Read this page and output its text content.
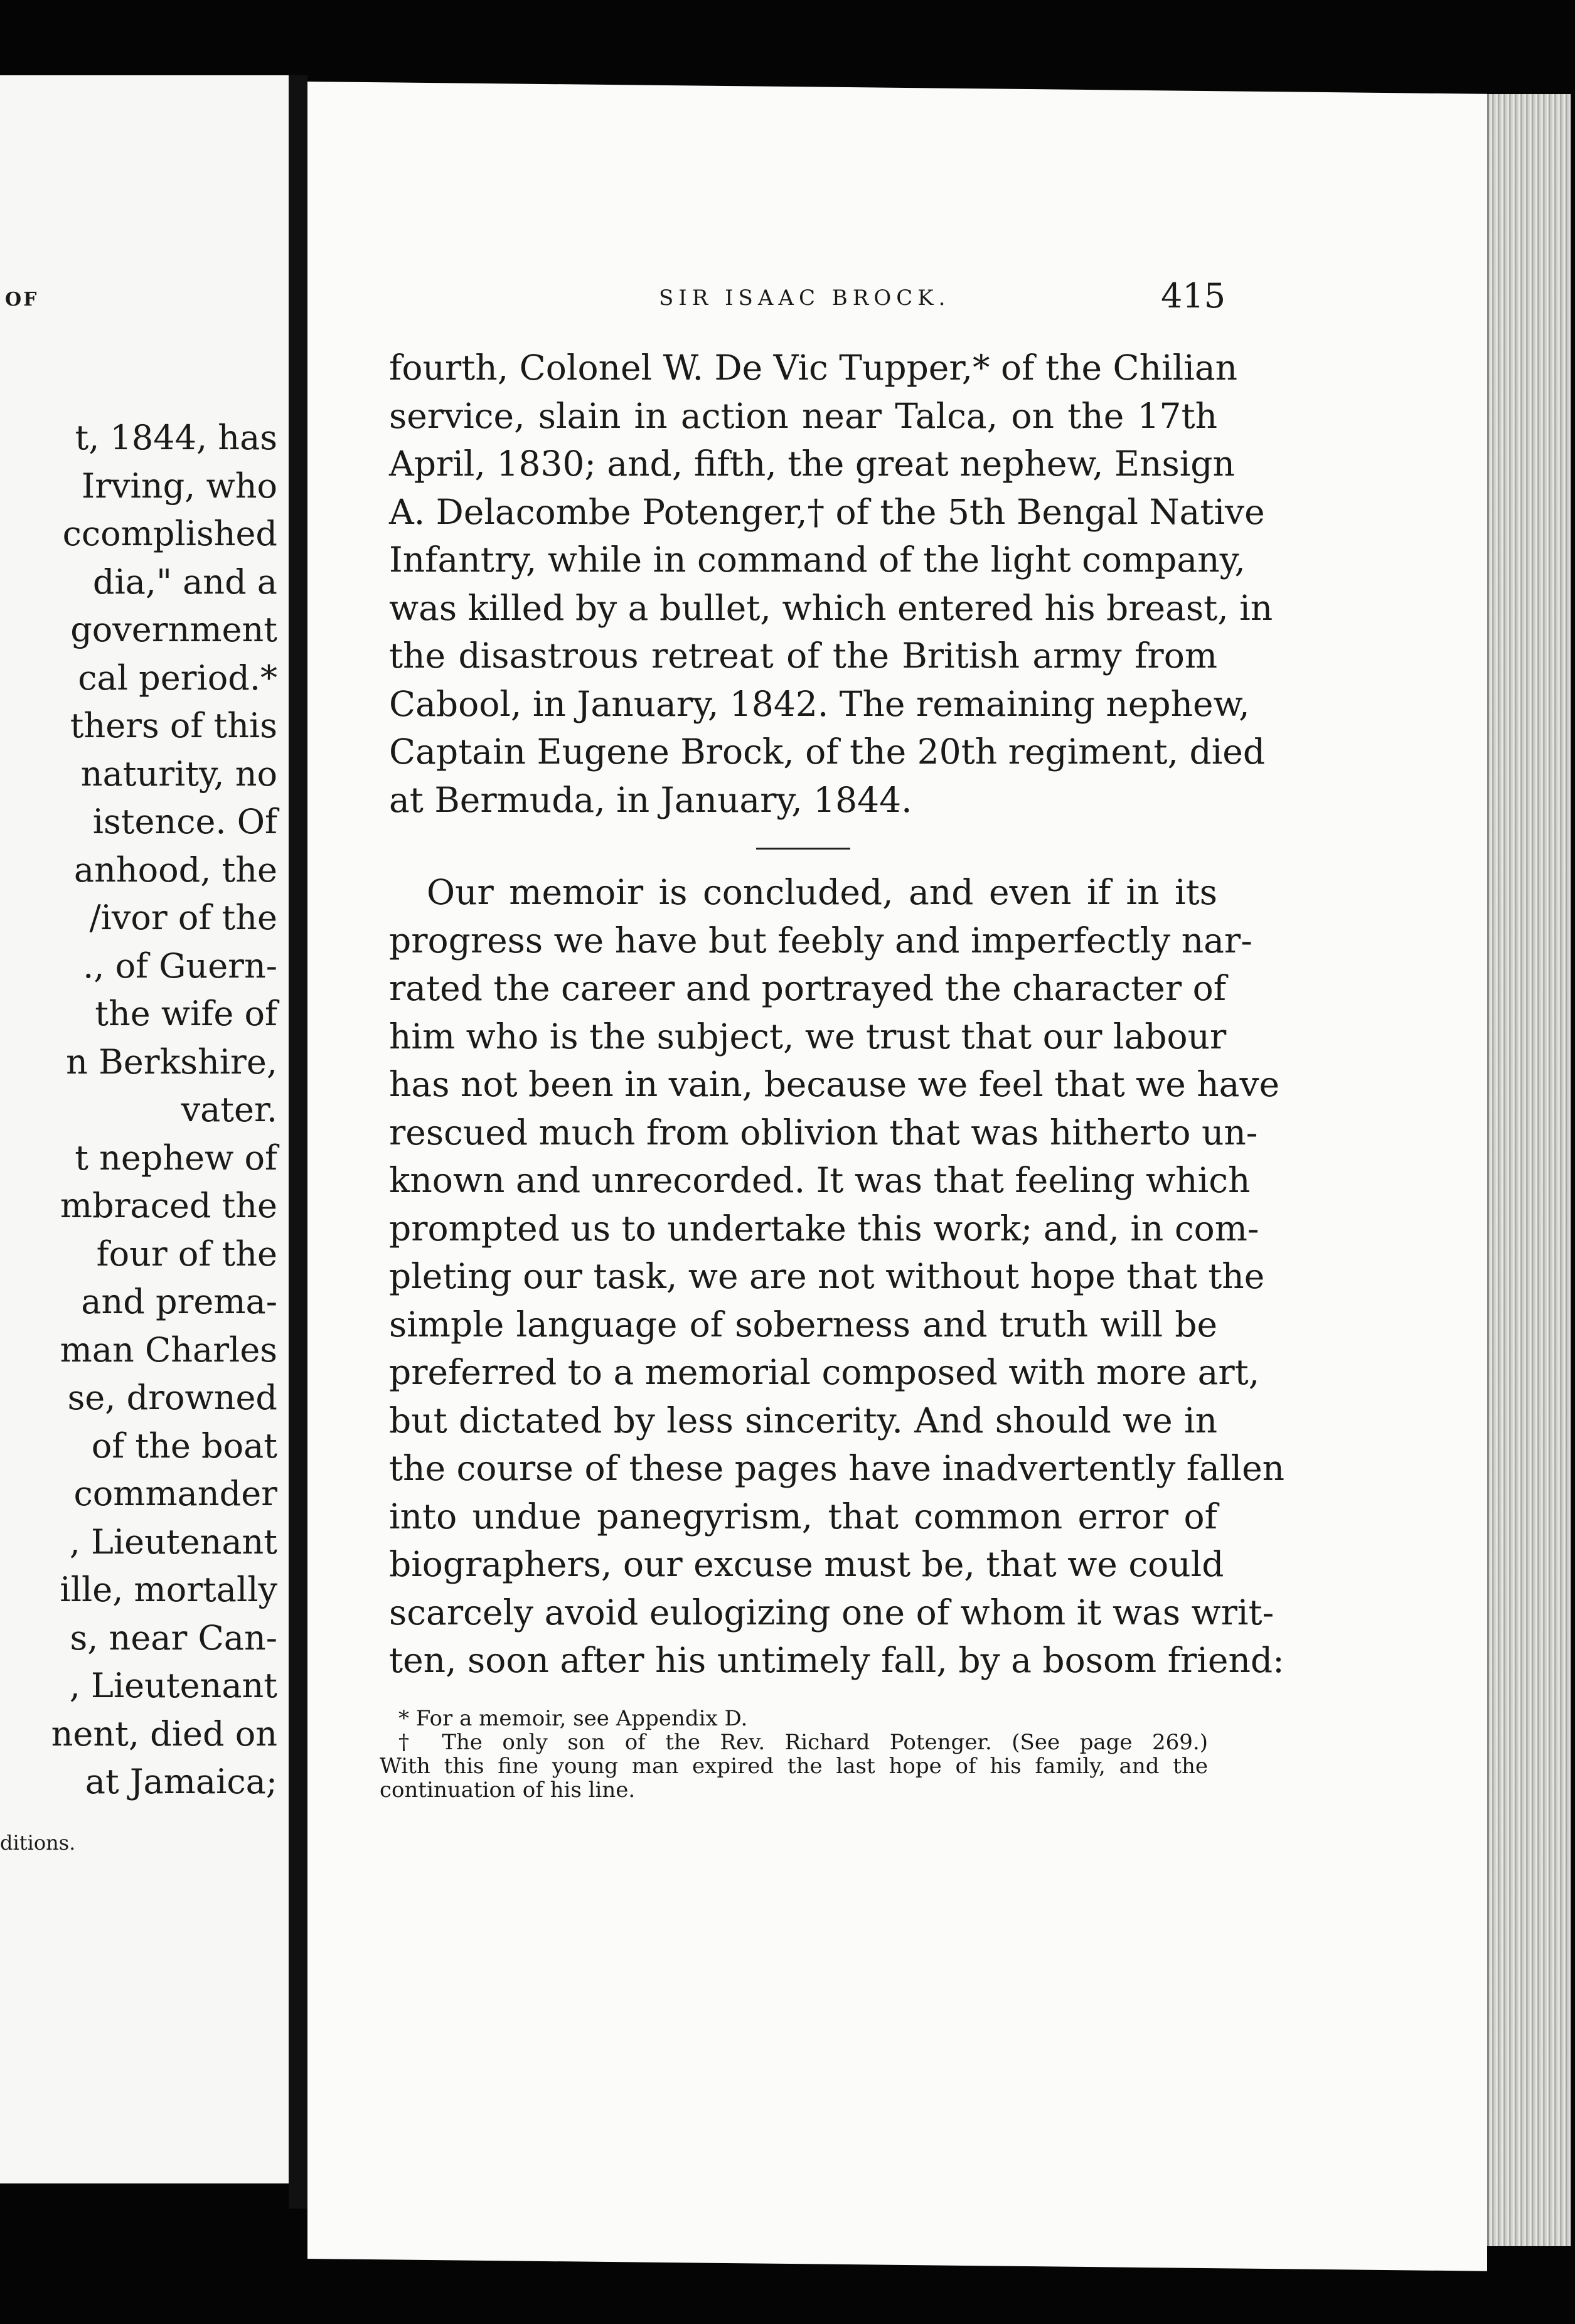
OF
t, 1844, has
Irving, who
ccomplished
dia," and a
government
cal period.*
thers of this
naturity, no
istence. Of
anhood, the
/ivor of the
., of Guern-
the wife of
n Berkshire,
vater.
t nephew of
mbraced the
four of the
and prema-
man Charles
se, drowned
of the boat
commander
, Lieutenant
ille, mortally
s, near Can-
, Lieutenant
nent, died on
at Jamaica;
ditions.
SIR ISAAC BROCK.	415
fourth, Colonel W. De Vic Tupper,* of the Chilian
service, slain in action near Talca, on the 17th
April, 1830; and, fifth, the great nephew, Ensign
A. Delacombe Potenger,† of the 5th Bengal Native
Infantry, while in command of the light company,
was killed by a bullet, which entered his breast, in
the disastrous retreat of the British army from
Cabool, in January, 1842. The remaining nephew,
Captain Eugene Brock, of the 20th regiment, died
at Bermuda, in January, 1844.
Our memoir is concluded, and even if in its
progress we have but feebly and imperfectly nar-
rated the career and portrayed the character of
him who is the subject, we trust that our labour
has not been in vain, because we feel that we have
rescued much from oblivion that was hitherto un-
known and unrecorded. It was that feeling which
prompted us to undertake this work; and, in com-
pleting our task, we are not without hope that the
simple language of soberness and truth will be
preferred to a memorial composed with more art,
but dictated by less sincerity. And should we in
the course of these pages have inadvertently fallen
into undue panegyrism, that common error of
biographers, our excuse must be, that we could
scarcely avoid eulogizing one of whom it was writ-
ten, soon after his untimely fall, by a bosom friend:
* For a memoir, see Appendix D.
† The only son of the Rev. Richard Potenger. (See page 269.)
With this fine young man expired the last hope of his family, and the
continuation of his line.
